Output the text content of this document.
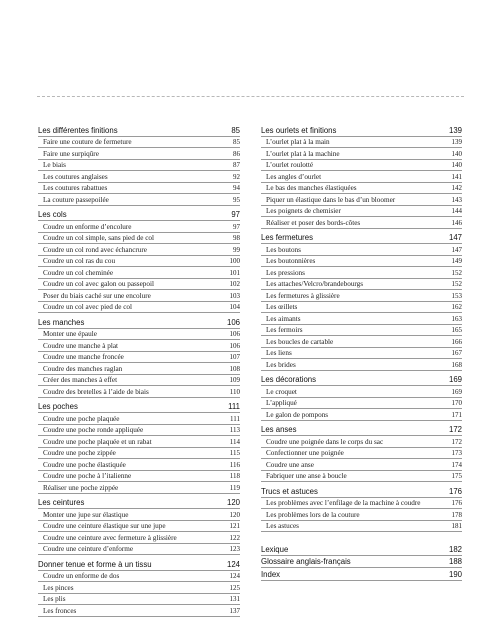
Les différentes finitions	85
Faire une couture de fermeture	85
Faire une surpiqûre	86
Le biais	87
Les coutures anglaises	92
Les coutures rabattues	94
La couture passepoilée	95
Les cols	97
Coudre un enforme d’encolure	97
Coudre un col simple, sans pied de col	98
Coudre un col rond avec échancrure	99
Coudre un col ras du cou	100
Coudre un col cheminée	101
Coudre un col avec galon ou passepoil	102
Poser du biais caché sur une encolure	103
Coudre un col avec pied de col	104
Les manches	106
Monter une épaule	106
Coudre une manche à plat	106
Coudre une manche froncée	107
Coudre des manches raglan	108
Créer des manches à effet	109
Coudre des bretelles à l’aide de biais	110
Les poches	111
Coudre une poche plaquée	111
Coudre une poche ronde appliquée	113
Coudre une poche plaquée et un rabat	114
Coudre une poche zippée	115
Coudre une poche élastiquée	116
Coudre une poche à l’italienne	118
Réaliser une poche zippée	119
Les ceintures	120
Monter une jupe sur élastique	120
Coudre une ceinture élastique sur une jupe	121
Coudre une ceinture avec fermeture à glissière	122
Coudre une ceinture d’enforme	123
Donner tenue et forme à un tissu	124
Coudre un enforme de dos	124
Les pinces	125
Les plis	131
Les fronces	137
Les ourlets et finitions	139
L’ourlet plat à la main	139
L’ourlet plat à la machine	140
L’ourlet roulotté	140
Les angles d’ourlet	141
Le bas des manches élastiquées	142
Piquer un élastique dans le bas d’un bloomer	143
Les poignets de chemisier	144
Réaliser et poser des bords-côtes	146
Les fermetures	147
Les boutons	147
Les boutonnières	149
Les pressions	152
Les attaches/Velcro/brandebourgs	152
Les fermetures à glissière	153
Les œillets	162
Les aimants	163
Les fermoirs	165
Les boucles de cartable	166
Les liens	167
Les brides	168
Les décorations	169
Le croquet	169
L’appliqué	170
Le galon de pompons	171
Les anses	172
Coudre une poignée dans le corps du sac	172
Confectionner une poignée	173
Coudre une anse	174
Fabriquer une anse à boucle	175
Trucs et astuces	176
Les problèmes avec l’enfilage de la machine à coudre	176
Les problèmes lors de la couture	178
Les astuces	181
Lexique	182
Glossaire anglais-français	188
Index	190
